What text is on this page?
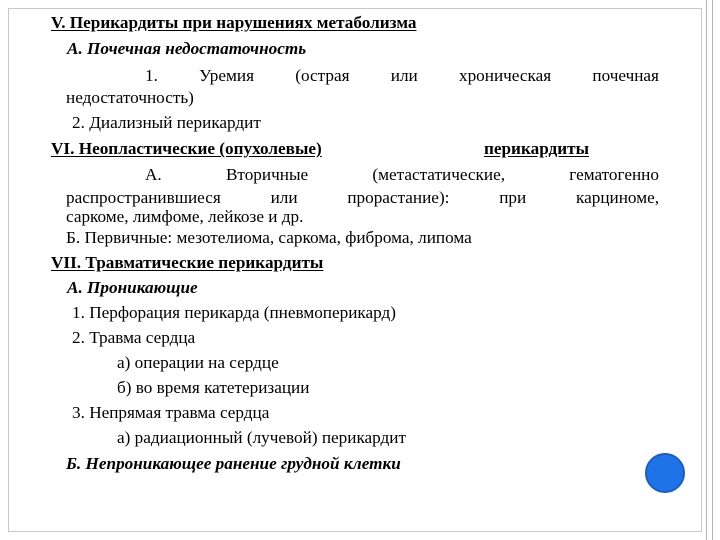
V. Перикардиты при нарушениях метаболизма
А. Почечная недостаточность
1. Уремия (острая или хроническая почечная
недостаточность)
2. Диализный перикардит
VI. Неопластические (опухолевые)	перикардиты
А.	Вторичные	(метастатические,	гематогенно
распространившиеся	или	прорастание):	при	карциноме,
саркоме, лимфоме, лейкозе и др.
Б. Первичные: мезотелиома, саркома, фиброма, липома
VII. Травматические перикардиты
А. Проникающие
1. Перфорация перикарда (пневмоперикард)
2. Травма сердца
а) операции на сердце
б) во время катетеризации
3. Непрямая травма сердца
а) радиационный (лучевой) перикардит
Б. Непроникающее ранение грудной клетки
